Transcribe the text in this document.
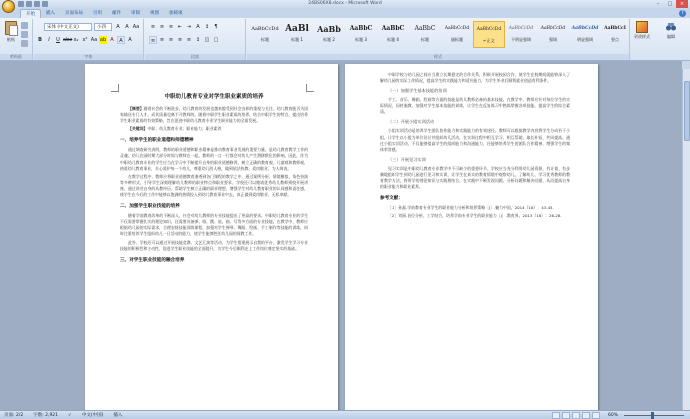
24BS06X8.docx - Microsoft Word	–	□	×
开始	插入	页面布局	引用	邮件	审阅	视图	加载项	?
粘贴
剪贴板
宋体 (中文正文)	小四	A	A Aa
B	I	U abe x₂ x² Aa ab A	A	A
字体
≡ ≡ ≡ ⇤ ⇥	A	↕	¶
≡ ≡ ≡ ≡ ≡ ↕ ◫ □
段落
AaBbCcDd
标题
AaBl
标题 1
AaBb
标题 2
AaBbC
标题 3
AaBbC
标题 4
AaBbC
标题
AaBbCcDd
副标题
AaBbCcDd
↵正文
AaBbCcDd
不明显强调
AaBbCcDd
强调
AaBbCcDd
明显强调
AaBbCcI
要点
样式
更改样式	编辑
中职幼儿教育专业对学生职业素质的培养
【摘要】随着社会的不断进步，幼儿教育的发展也越来越受到社会各界的重视与关注，幼儿教育能否为国家输送专门人才，而其质量也离不开教师的。随着中职学生职业素质的培养，结合中职学生的特点，提出培养学生职业素质的有效策略，旨在促进中职幼儿教育专业学生职业能力的全面发展。
【关键词】中职；幼儿教育专业；职业能力；职业素养
一、培养学生的职业道德和师德精神
通过调查研究表明，教师的职业道德和职业精神是推动教育事业发展的重要力量，是幼儿教育教学工作的灵魂。幼儿在园时期大部分时间与教师在一起，教师的一言一行都会对幼儿产生潜移默化的影响。因此，作为中职幼儿教育专业的学生应当在学习中不断提升自身的职业道德修养，树立正确的教育观、儿童观和教师观，热爱幼儿教育事业，关心爱护每一个幼儿，尊重幼儿的人格，做到依法执教、爱岗敬业、为人师表。
在教学过程中，教师应将职业道德教育渗透到各门课程的教学之中，通过案例分析、情境模拟、角色扮演等多种形式，引导学生深刻理解幼儿教师的职业特点和职业要求。学校还可以邀请优秀幼儿教师到校开展讲座，通过讲述自身的从教经历，帮助学生树立正确的职业理想，增强学生对幼儿教育职业的认同感和责任感，使学生在今后的工作中能够以饱满的热情投入到幼儿教育事业中去，真正做到爱岗敬业、无私奉献。
二、加强学生职业技能的培养
随着学前教育改革的不断深入，社会对幼儿教师的专业技能提出了更高的要求。中职幼儿教育专业的学生不仅需要掌握扎实的理论知识，还需要具备弹、唱、跳、说、画、写等多方面的专业技能。在教学中，教师应根据幼儿园的实际需求，合理安排技能训练课程，加强对学生弹琴、舞蹈、绘画、手工制作等技能的训练，同时注重培养学生组织幼儿一日活动的能力，使学生能够胜任幼儿园的保教工作。
此外，学校还可以通过开展技能竞赛、文艺汇演等活动，为学生搭建展示自我的平台，激发学生学习专业技能的积极性和主动性，促进学生职业技能的全面提升，为学生今后顺利走上工作岗位奠定坚实的基础。
三、对学生职业技能的融合培养
中职学校与幼儿园之间应当建立长期稳定的合作关系，积极开展校园合作，使学生在校期间就能够深入了解幼儿园的实际工作情况，提高学生的实践能力和适应能力，为学生毕业后顺利就业创造有利条件。
（一）加强学生基本技能的培训
手工、音乐、舞蹈、绘画等方面的技能是幼儿教师必备的基本技能。在教学中，教师应针对每位学生的实际情况，因材施教，加强对学生基本技能的训练，让学生在反复练习中熟练掌握各项技能，提高学生的综合素质。
（二）开展小组实训活动
小组实训活动是培养学生团队协作能力和实践能力的有效途径。教师可以根据教学内容将学生分成若干小组，让学生以小组为单位设计并组织幼儿活动，在实训过程中相互学习、相互帮助、取长补短，共同提高。通过小组实训活动，不仅能够提高学生的组织能力和沟通能力，还能够培养学生的团队合作精神，增强学生的集体荣誉感。
（三）开展见习实训
见习实训是中职幼儿教育专业教学中不可缺少的重要环节。学校应当充分利用幼儿园资源，有计划、有步骤地组织学生到幼儿园进行见习和实训，让学生在真实的教育情境中观察幼儿、了解幼儿，学习优秀教师的教育教学方法，将所学的理论知识与实践相结合，在实践中不断发现问题、分析问题和解决问题，从而提高自身的职业能力和职业素养。
参考文献：
［1］孙磊.学前教育专业学生的职业能力分析和培养策略［J］.魅力中国，2014（18）：43-45.
［2］刘丽.首位分析，工学结合，培养学前专业学生的职业能力［J］.教育界，2013（18）：26-28.
页面: 2/2 字数: 2,921 ✓ 中文(中国) 插入	60%
